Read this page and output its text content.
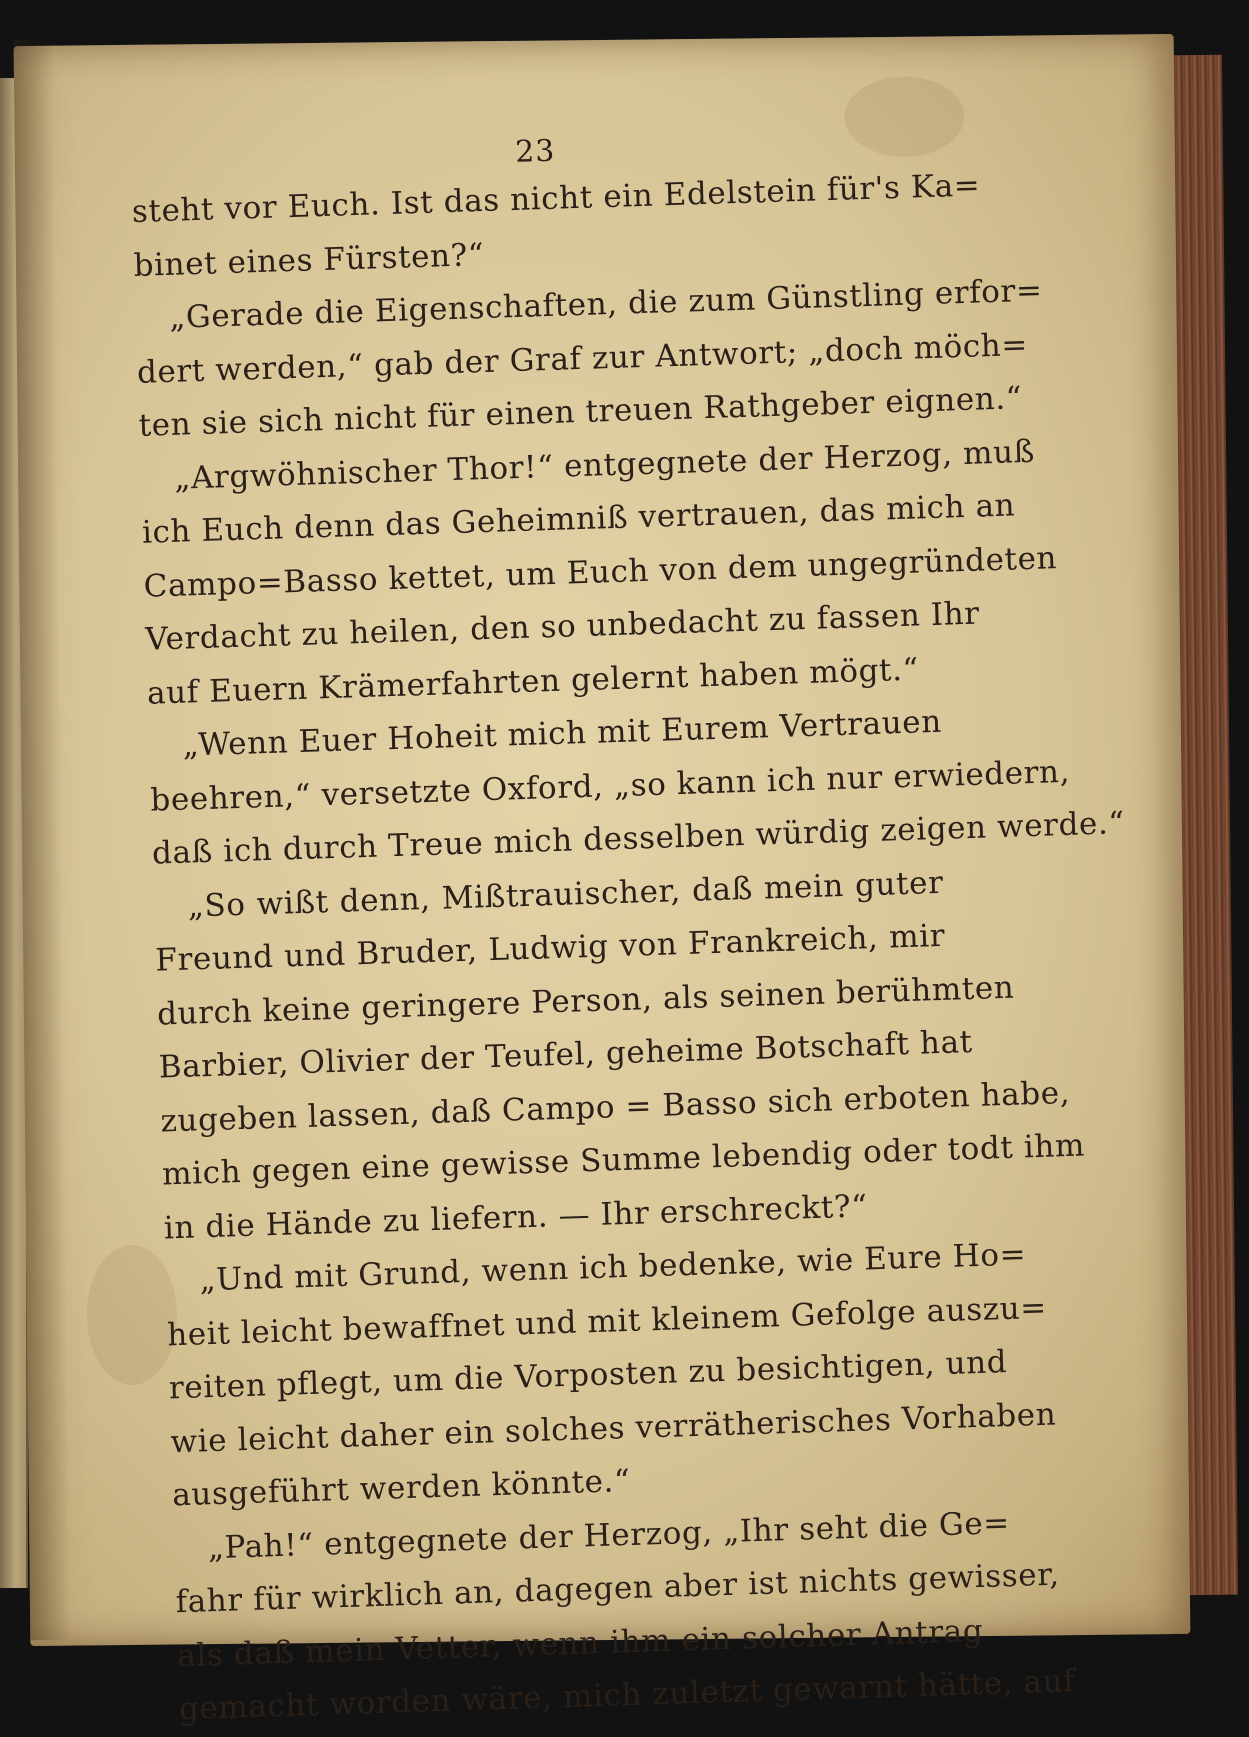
23
steht vor Euch. Ist das nicht ein Edelstein für's Ka=
binet eines Fürsten?“
„Gerade die Eigenschaften, die zum Günstling erfor=
dert werden,“ gab der Graf zur Antwort; „doch möch=
ten sie sich nicht für einen treuen Rathgeber eignen.“
„Argwöhnischer Thor!“ entgegnete der Herzog, muß
ich Euch denn das Geheimniß vertrauen, das mich an
Campo=Basso kettet, um Euch von dem ungegründeten
Verdacht zu heilen, den so unbedacht zu fassen Ihr
auf Euern Krämerfahrten gelernt haben mögt.“
„Wenn Euer Hoheit mich mit Eurem Vertrauen
beehren,“ versetzte Oxford, „so kann ich nur erwiedern,
daß ich durch Treue mich desselben würdig zeigen werde.“
„So wißt denn, Mißtrauischer, daß mein guter
Freund und Bruder, Ludwig von Frankreich, mir
durch keine geringere Person, als seinen berühmten
Barbier, Olivier der Teufel, geheime Botschaft hat
zugeben lassen, daß Campo = Basso sich erboten habe,
mich gegen eine gewisse Summe lebendig oder todt ihm
in die Hände zu liefern. — Ihr erschreckt?“
„Und mit Grund, wenn ich bedenke, wie Eure Ho=
heit leicht bewaffnet und mit kleinem Gefolge auszu=
reiten pflegt, um die Vorposten zu besichtigen, und
wie leicht daher ein solches verrätherisches Vorhaben
ausgeführt werden könnte.“
„Pah!“ entgegnete der Herzog, „Ihr seht die Ge=
fahr für wirklich an, dagegen aber ist nichts gewisser,
als daß mein Vetter, wenn ihm ein solcher Antrag
gemacht worden wäre, mich zuletzt gewarnt hätte, auf
